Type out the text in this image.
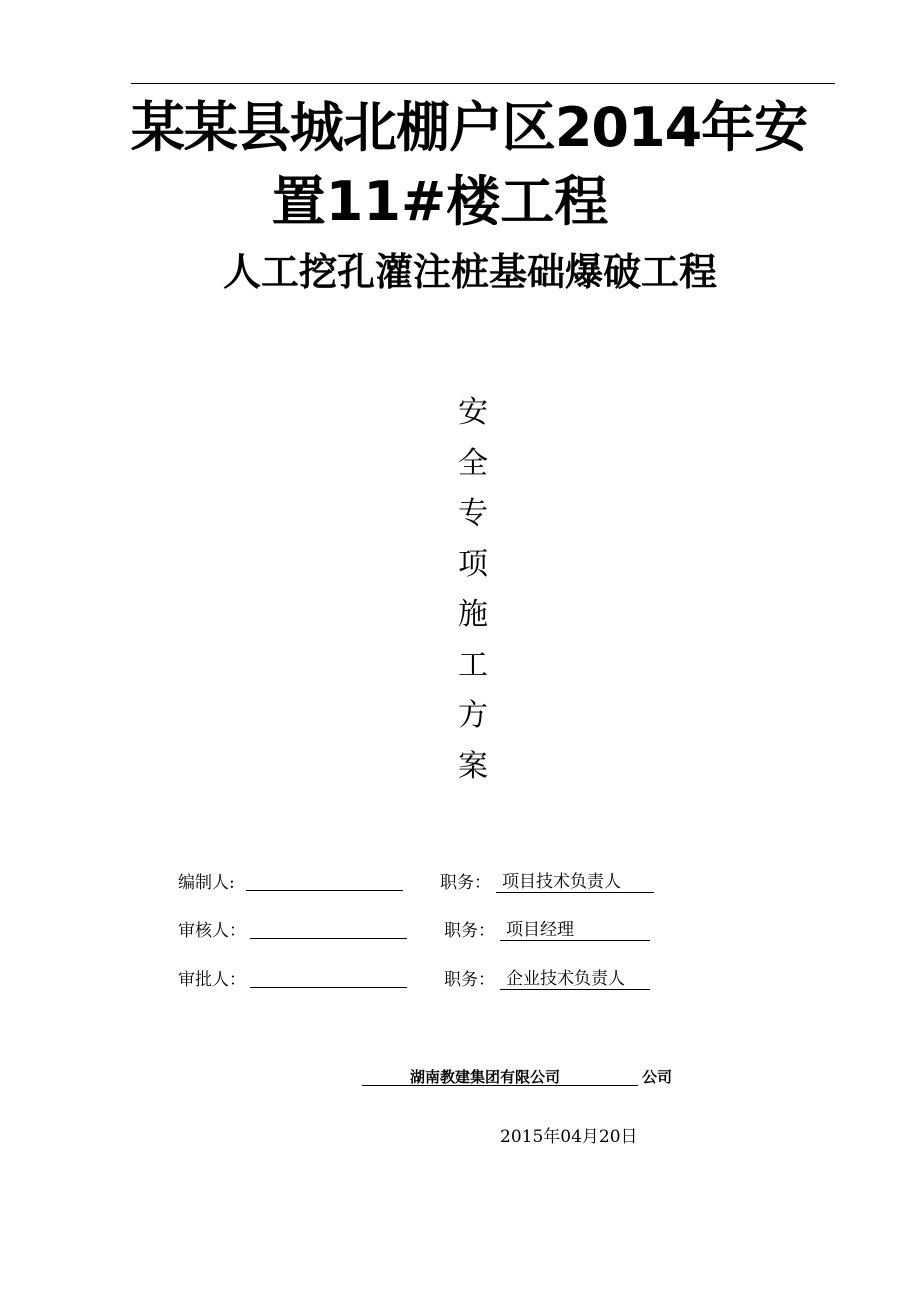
某某县城北棚户区2014年安
置11#楼工程
人工挖孔灌注桩基础爆破工程
安
全
专
项
施
工
方
案
编制人:	职务： 项目技术负责人
审核人：	职务： 项目经理
审批人：	职务： 企业技术负责人
湖南教建集团有限公司	公司
2015年04月20日
